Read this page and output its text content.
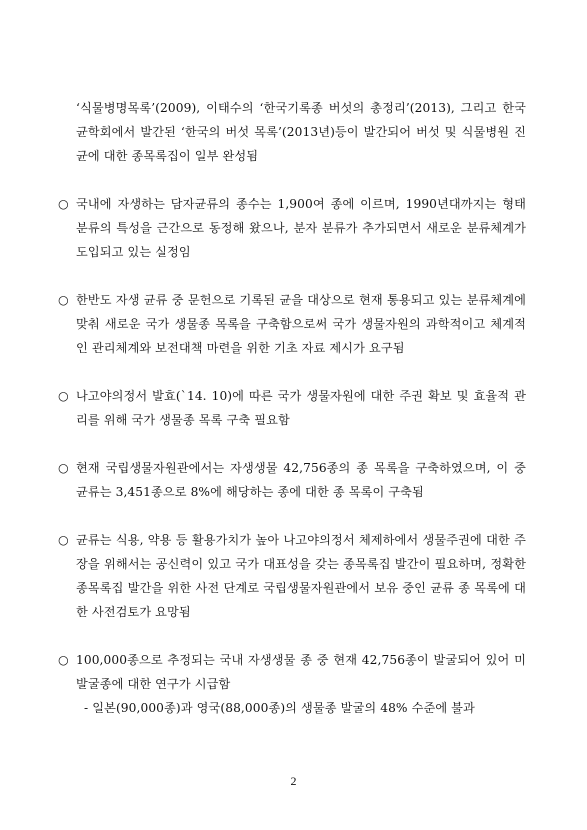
‘식물병명목록’(2009), 이태수의 ‘한국기록종 버섯의 총정리’(2013), 그리고 한국균학회에서 발간된 ‘한국의 버섯 목록’(2013년)등이 발간되어 버섯 및 식물병원 진균에 대한 종목록집이 일부 완성됨

○ 국내에 자생하는 담자균류의 종수는 1,900여 종에 이르며, 1990년대까지는 형태 분류의 특성을 근간으로 동정해 왔으나, 분자 분류가 추가되면서 새로운 분류체계가 도입되고 있는 실정임
○ 한반도 자생 균류 중 문헌으로 기록된 균을 대상으로 현재 통용되고 있는 분류체계에 맞춰 새로운 국가 생물종 목록을 구축함으로써 국가 생물자원의 과학적이고 체계적인 관리체계와 보전대책 마련을 위한 기초 자료 제시가 요구됨
○ 나고야의정서 발효(`14. 10)에 따른 국가 생물자원에 대한 주권 확보 및 효율적 관리를 위해 국가 생물종 목록 구축 필요함
○ 현재 국립생물자원관에서는 자생생물 42,756종의 종 목록을 구축하였으며, 이 중 균류는 3,451종으로 8%에 해당하는 종에 대한 종 목록이 구축됨
○ 균류는 식용, 약용 등 활용가치가 높아 나고야의정서 체제하에서 생물주권에 대한 주장을 위해서는 공신력이 있고 국가 대표성을 갖는 종목록집 발간이 필요하며, 정확한 종목록집 발간을 위한 사전 단계로 국립생물자원관에서 보유 중인 균류 종 목록에 대한 사전검토가 요망됨
○ 100,000종으로 추정되는 국내 자생생물 종 중 현재 42,756종이 발굴되어 있어 미발굴종에 대한 연구가 시급함
- 일본(90,000종)과 영국(88,000종)의 생물종 발굴의 48% 수준에 불과
2
